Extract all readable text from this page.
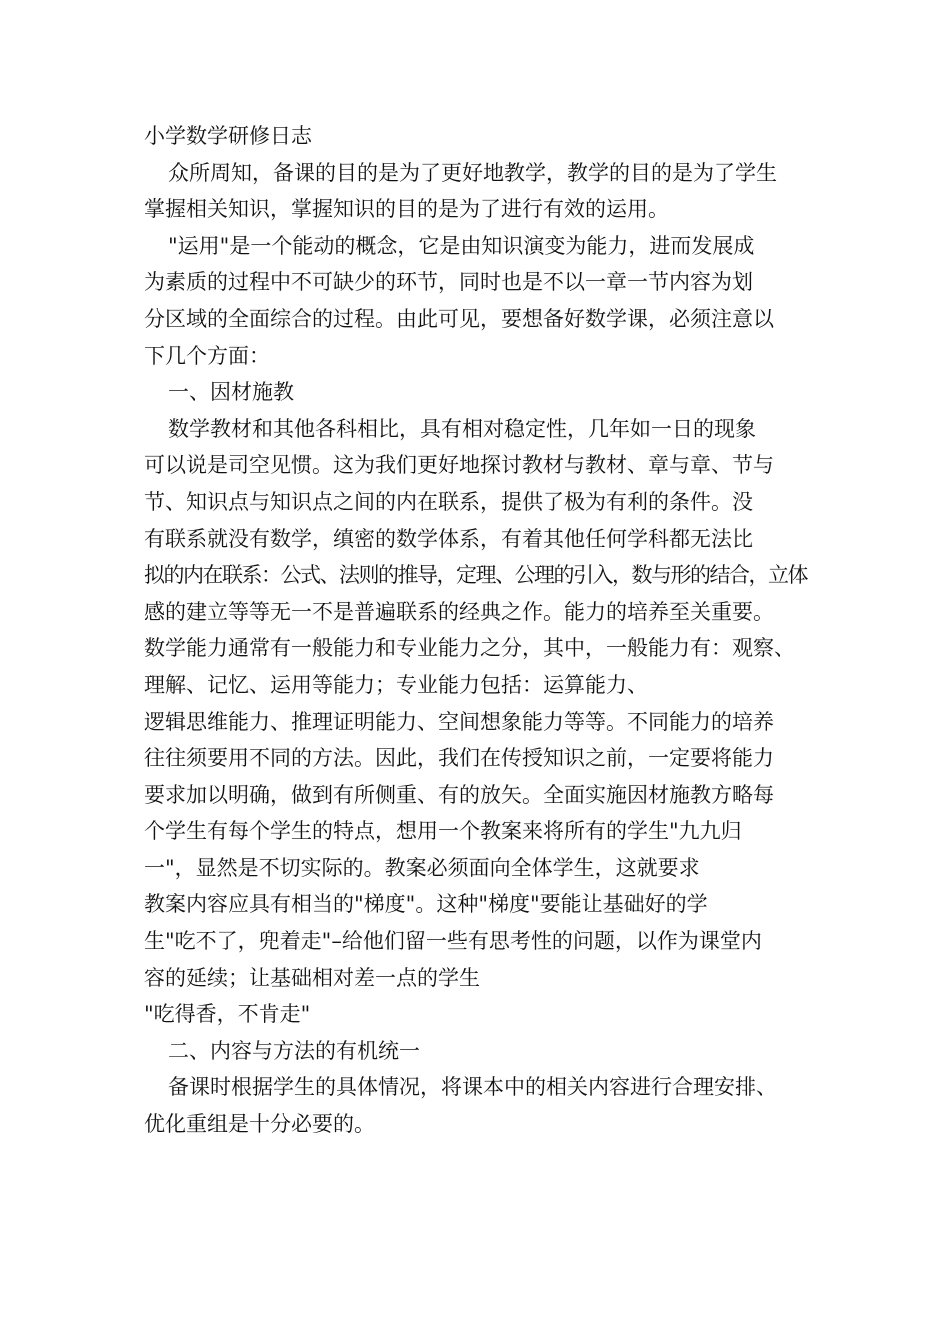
小学数学研修日志
众所周知，备课的目的是为了更好地教学，教学的目的是为了学生
掌握相关知识，掌握知识的目的是为了进行有效的运用。
"运用"是一个能动的概念，它是由知识演变为能力，进而发展成
为素质的过程中不可缺少的环节，同时也是不以一章一节内容为划
分区域的全面综合的过程。由此可见，要想备好数学课，必须注意以
下几个方面：
一、因材施教
数学教材和其他各科相比，具有相对稳定性，几年如一日的现象
可以说是司空见惯。这为我们更好地探讨教材与教材、章与章、节与
节、知识点与知识点之间的内在联系，提供了极为有利的条件。没
有联系就没有数学，缜密的数学体系，有着其他任何学科都无法比
拟的内在联系：公式、法则的推导，定理、公理的引入，数与形的结合，立体
感的建立等等无一不是普遍联系的经典之作。能力的培养至关重要。
数学能力通常有一般能力和专业能力之分，其中，一般能力有：观察、
理解、记忆、运用等能力；专业能力包括：运算能力、
逻辑思维能力、推理证明能力、空间想象能力等等。不同能力的培养
往往须要用不同的方法。因此，我们在传授知识之前，一定要将能力
要求加以明确，做到有所侧重、有的放矢。全面实施因材施教方略每
个学生有每个学生的特点，想用一个教案来将所有的学生"九九归
一"，显然是不切实际的。教案必须面向全体学生，这就要求
教案内容应具有相当的"梯度"。这种"梯度"要能让基础好的学
生"吃不了，兜着走"–给他们留一些有思考性的问题，以作为课堂内
容的延续；让基础相对差一点的学生
"吃得香，不肯走"
二、内容与方法的有机统一
备课时根据学生的具体情况，将课本中的相关内容进行合理安排、
优化重组是十分必要的。
